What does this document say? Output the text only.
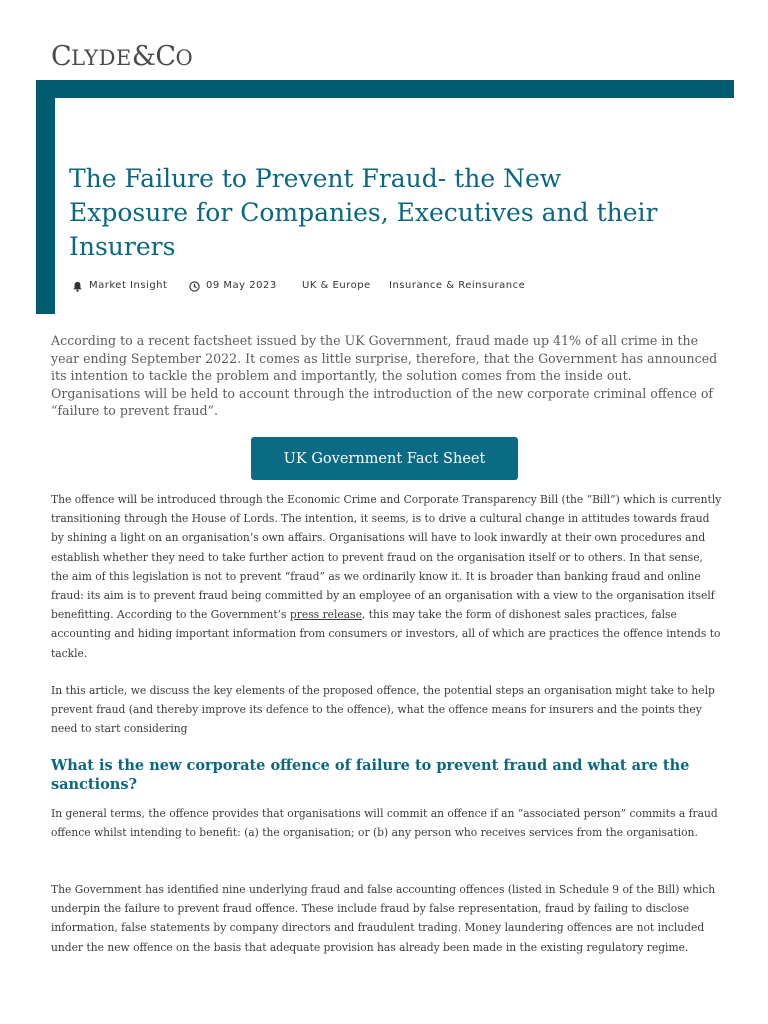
CLYDE&CO
The Failure to Prevent Fraud- the New Exposure for Companies, Executives and their Insurers
Market Insight	09 May 2023	UK & Europe Insurance & Reinsurance

According to a recent factsheet issued by the UK Government, fraud made up 41% of all crime in the year ending September 2022. It comes as little surprise, therefore, that the Government has announced its intention to tackle the problem and importantly, the solution comes from the inside out. Organisations will be held to account through the introduction of the new corporate criminal offence of “failure to prevent fraud”.

UK Government Fact Sheet

The offence will be introduced through the Economic Crime and Corporate Transparency Bill (the “Bill”) which is currently transitioning through the House of Lords. The intention, it seems, is to drive a cultural change in attitudes towards fraud by shining a light on an organisation’s own affairs. Organisations will have to look inwardly at their own procedures and establish whether they need to take further action to prevent fraud on the organisation itself or to others. In that sense, the aim of this legislation is not to prevent “fraud” as we ordinarily know it. It is broader than banking fraud and online fraud: its aim is to prevent fraud being committed by an employee of an organisation with a view to the organisation itself benefitting. According to the Government’s press release, this may take the form of dishonest sales practices, false accounting and hiding important information from consumers or investors, all of which are practices the offence intends to tackle.

In this article, we discuss the key elements of the proposed offence, the potential steps an organisation might take to help prevent fraud (and thereby improve its defence to the offence), what the offence means for insurers and the points they need to start considering

What is the new corporate offence of failure to prevent fraud and what are the sanctions?

In general terms, the offence provides that organisations will commit an offence if an “associated person” commits a fraud offence whilst intending to benefit: (a) the organisation; or (b) any person who receives services from the organisation.

The Government has identified nine underlying fraud and false accounting offences (listed in Schedule 9 of the Bill) which underpin the failure to prevent fraud offence. These include fraud by false representation, fraud by failing to disclose information, false statements by company directors and fraudulent trading. Money laundering offences are not included under the new offence on the basis that adequate provision has already been made in the existing regulatory regime.
